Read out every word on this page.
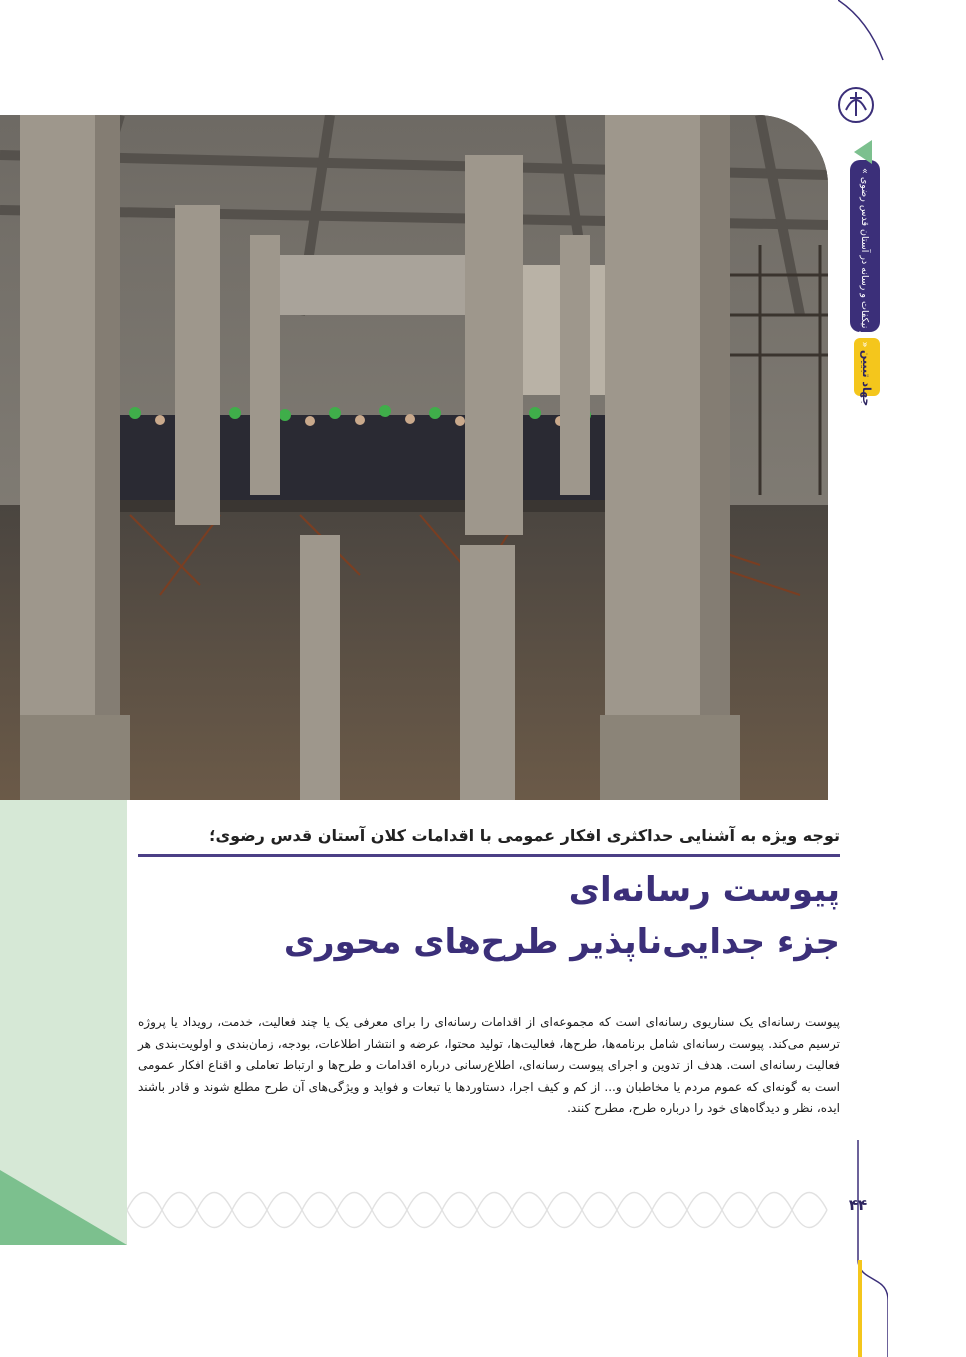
« از نیکفات و رسانه در آستان قدس رضوی »
جهاد تبیین
۴۴
توجه ویژه به آشنایی حداکثری افکار عمومی با اقدامات کلان آستان قدس رضوی؛
پیوست رسانه‌ای
جزء جدایی‌ناپذیر طرح‌های محوری
پیوست رسانه‌ای یک سناریوی رسانه‌ای است که مجموعه‌ای از اقدامات رسانه‌ای را برای معرفی یک یا چند فعالیت، خدمت، رویداد یا پروژه ترسیم می‌کند. پیوست رسانه‌ای شامل برنامه‌ها، طرح‌ها، فعالیت‌ها، تولید محتوا، عرضه و انتشار اطلاعات، بودجه، زمان‌بندی و اولویت‌بندی هر فعالیت رسانه‌ای است. هدف از تدوین و اجرای پیوست رسانه‌ای، اطلاع‌رسانی درباره اقدامات و طرح‌ها و ارتباط تعاملی و اقناع افکار عمومی است به گونه‌ای که عموم مردم یا مخاطبان و... از کم و کیف اجرا، دستاوردها یا تبعات و فواید و ویژگی‌های آن طرح مطلع شوند و قادر باشند ایده، نظر و دیدگاه‌های خود را درباره طرح، مطرح کنند.
